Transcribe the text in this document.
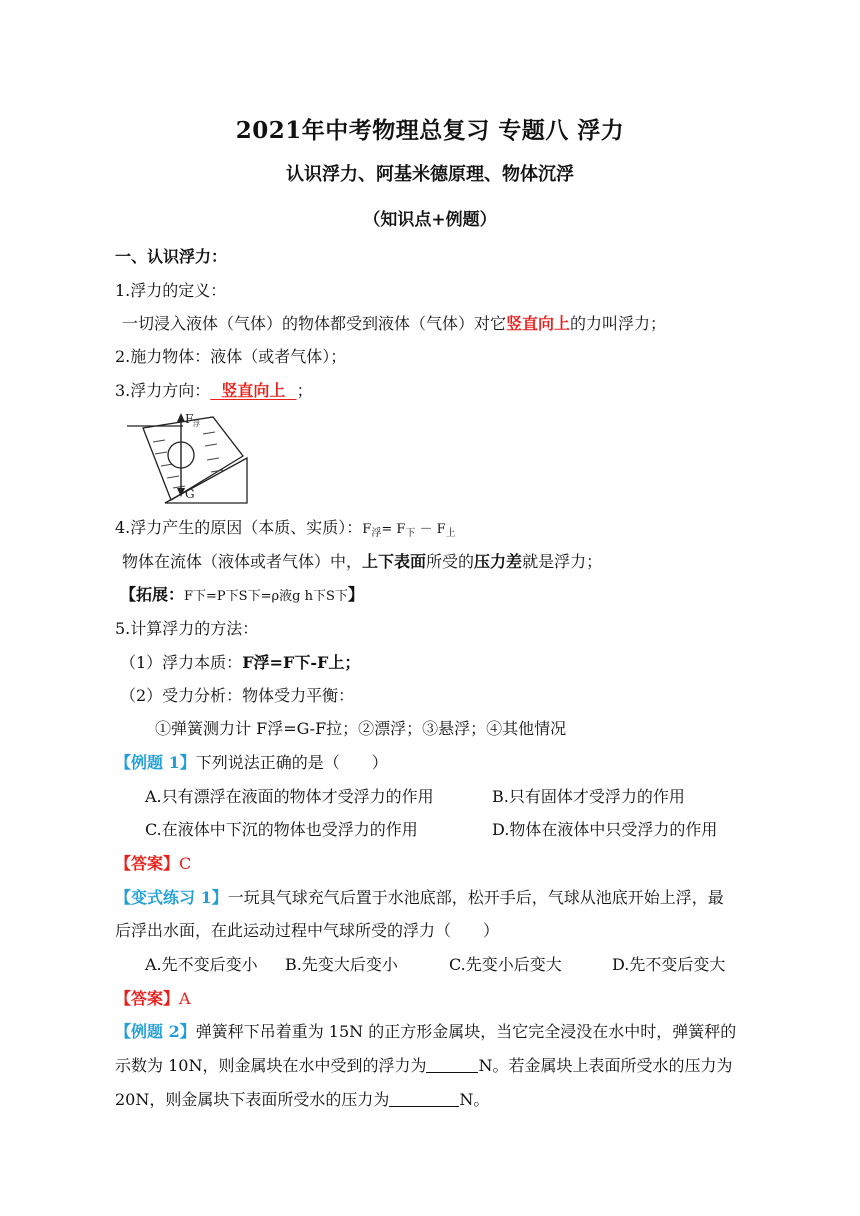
2021年中考物理总复习 专题八 浮力
认识浮力、阿基米德原理、物体沉浮
（知识点+例题）
一、认识浮力：
1.浮力的定义：
一切浸入液体（气体）的物体都受到液体（气体）对它竖直向上的力叫浮力；
2.施力物体：液体（或者气体）；
3.浮力方向： 竖直向上 ；
F 浮
G
4.浮力产生的原因（本质、实质）：$F_浮= F_下 - F_上$
物体在流体（液体或者气体）中，上下表面所受的压力差就是浮力；
【拓展：F下=P下S下=ρ液g h下S下】
5.计算浮力的方法：
（1）浮力本质：F浮=F下-F上；
（2）受力分析：物体受力平衡：
①弹簧测力计 F浮=G-F拉；②漂浮；③悬浮；④其他情况
【例题 1】下列说法正确的是（　　）
A.只有漂浮在液面的物体才受浮力的作用	B.只有固体才受浮力的作用
C.在液体中下沉的物体也受浮力的作用	D.物体在液体中只受浮力的作用
【答案】C
【变式练习 1】一玩具气球充气后置于水池底部，松开手后，气球从池底开始上浮，最
后浮出水面，在此运动过程中气球所受的浮力（　　）
A.先不变后变小 B.先变大后变小	C.先变小后变大	D.先不变后变大
【答案】A
【例题 2】弹簧秤下吊着重为 15N 的正方形金属块，当它完全浸没在水中时，弹簧秤的
示数为 10N，则金属块在水中受到的浮力为	N。若金属块上表面所受水的压力为
20N，则金属块下表面所受水的压力为	N。
